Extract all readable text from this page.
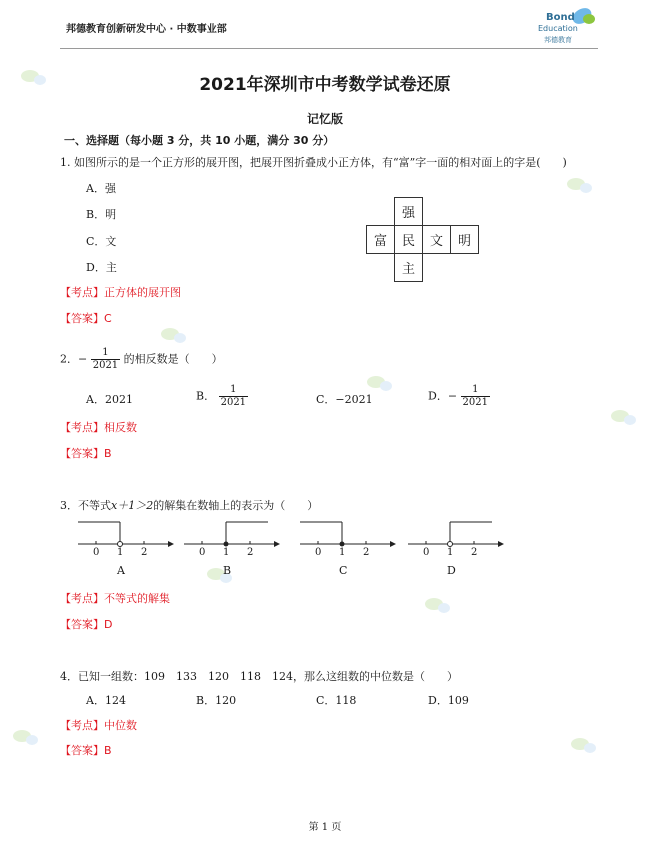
邦德教育创新研发中心 · 中数事业部
Bond
Education
邦德教育
2021年深圳市中考数学试卷还原
记忆版
一、选择题（每小题 3 分，共 10 小题，满分 30 分）
1. 如图所示的是一个正方形的展开图，把展开图折叠成小正方体，有“富”字一面的相对面上的字是(　　)
A．强
B．明
C．文
D．主
	强		
富	民	文	明
	主		
【考点】正方体的展开图
【答案】C
2．− $\frac{1}{2021}$ 的相反数是（　　）
A．2021	B． $\frac{1}{2021}$	C．−2021	D．− $\frac{1}{2021}$
【考点】相反数
【答案】B
3．不等式x＋1＞2的解集在数轴上的表示为（　　）
0 1 2	0 1 2	0 1 2	0 1 2
A	B	C	D
【考点】不等式的解集
【答案】D
4．已知一组数：109　133　120　118　124，那么这组数的中位数是（　　）
A．124	B．120	C．118	D．109
【考点】中位数
【答案】B
第 1 页
